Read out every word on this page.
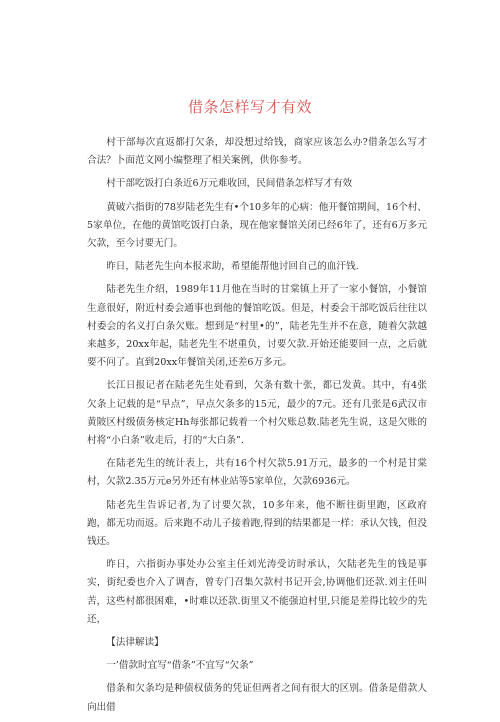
借条怎样写才有效

村干部每次直返都打欠条，却没想过给钱，商家应该怎么办?借条怎么写才合法？卜面范文网小编整理了相关案例，供你参考。

村干部吃饭打白条近6万元难收回，民间借条怎样写才有效

黄破六指街的78岁陆老先生有•个10多年的心病：他开餐馆期间，16个村、5家单位，在他的黄馆吃饭打白条，现在他家餐馆关闭已经6年了，还有6万多元欠款，至今讨要无门。

昨日，陆老先生向本报求助，希望能帮他讨回自己的血汗钱.

陆老先生介绍，1989年11月他在当时的甘棠镇上开了一家小餐馆，小餐馆生意很好，附近村委会通事也到他的餐馆吃饭。但是，村委会干部吃饭后往往以村委会的名义打白条欠账。想到是“村里•的”，陆老先生并不在意，随着欠款越来越多，20xx年起，陆老先生不堪重负，讨要欠款.开始还能要回一点，之后就要不问了。直到20xx年餐馆关闭,还差6万多元。

长江日报记者在陆老先生处看到，欠条有数十张，都已发黄。其中，有4张欠条上记载的是“早点”，早点欠条多的15元，最少的7元。还有几张是6武汉市黄陂区村级债务核定Hh每张都记载着一个村欠账总数.陆老先生说，这是欠账的村将“小白条”收走后，打的“大白条”.

在陆老先生的统计表上，共有16个村欠款5.91万元，最多的一个村是甘棠村，欠款2.35万元e另外还有林业站等5家单位，欠款6936元。

陆老先生告诉记者,为了讨要欠款，10多年来，他不断往街里跑，区政府跑，都无功而返。后来跑不动儿子接着跑,得到的结果都是一样：承认欠钱，但没钱还。

昨日，六指街办事处办公室主任刘光涛受访时承认，欠陆老先生的钱是事实，街纪委也介入了调杳，曾专门召集欠款村书记开会,协调他们还款.刘主任叫苦，这些村都很困难，•时难以还款.街里又不能强迫村里,只能是差得比较少的先还，

【法律解读】

一’借款时宜写“借条”不宜写“欠条”

借条和欠条均是种债权债务的凭证但两者之间有很大的区别。借条是借款人向出借
